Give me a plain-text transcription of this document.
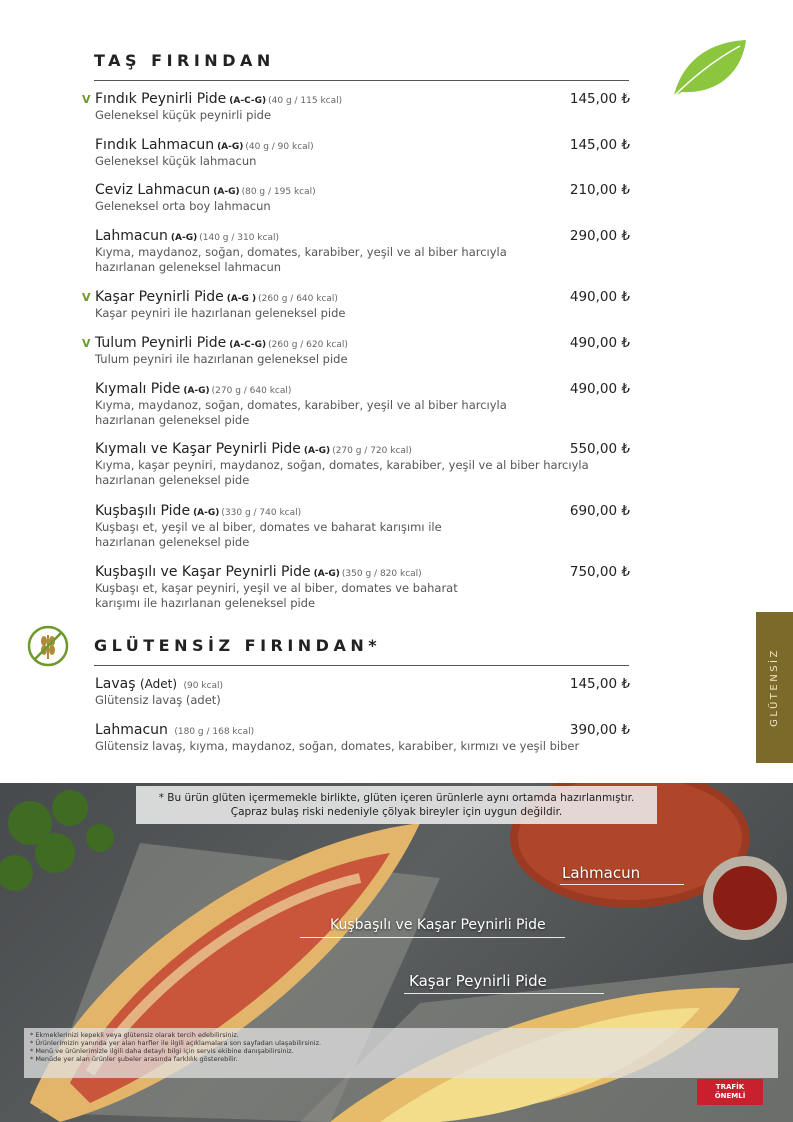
TAŞ FIRINDAN
V Fındık Peynirli Pide (A-C-G) (40 g / 115 kcal)	145,00 ₺
Geleneksel küçük peynirli pide
Fındık Lahmacun (A-G) (40 g / 90 kcal)	145,00 ₺
Geleneksel küçük lahmacun
Ceviz Lahmacun (A-G) (80 g / 195 kcal)	210,00 ₺
Geleneksel orta boy lahmacun
Lahmacun (A-G) (140 g / 310 kcal)	290,00 ₺
Kıyma, maydanoz, soğan, domates, karabiber, yeşil ve al biber harcıyla
hazırlanan geleneksel lahmacun
V Kaşar Peynirli Pide (A-G ) (260 g / 640 kcal)	490,00 ₺
Kaşar peyniri ile hazırlanan geleneksel pide
V Tulum Peynirli Pide (A-C-G) (260 g / 620 kcal)	490,00 ₺
Tulum peyniri ile hazırlanan geleneksel pide
Kıymalı Pide (A-G) (270 g / 640 kcal)	490,00 ₺
Kıyma, maydanoz, soğan, domates, karabiber, yeşil ve al biber harcıyla
hazırlanan geleneksel pide
Kıymalı ve Kaşar Peynirli Pide (A-G) (270 g / 720 kcal)	550,00 ₺
Kıyma, kaşar peyniri, maydanoz, soğan, domates, karabiber, yeşil ve al biber harcıyla
hazırlanan geleneksel pide
Kuşbaşılı Pide (A-G) (330 g / 740 kcal)	690,00 ₺
Kuşbaşı et, yeşil ve al biber, domates ve baharat karışımı ile
hazırlanan geleneksel pide
Kuşbaşılı ve Kaşar Peynirli Pide (A-G) (350 g / 820 kcal)	750,00 ₺
Kuşbaşı et, kaşar peyniri, yeşil ve al biber, domates ve baharat
karışımı ile hazırlanan geleneksel pide
GLÜTENSİZ FIRINDAN*
Lavaş (Adet) (90 kcal)	145,00 ₺
Glütensiz lavaş (adet)
Lahmacun (180 g / 168 kcal)	390,00 ₺
Glütensiz lavaş, kıyma, maydanoz, soğan, domates, karabiber, kırmızı ve yeşil biber
GLÜTENSİZ
* Bu ürün glüten içermemekle birlikte, glüten içeren ürünlerle aynı ortamda hazırlanmıştır.
Çapraz bulaş riski nedeniyle çölyak bireyler için uygun değildir.
Lahmacun
Kuşbaşılı ve Kaşar Peynirli Pide
Kaşar Peynirli Pide
* Ekmeklerinizi kepekli veya glütensiz olarak tercih edebilirsiniz.
* Ürünlerimizin yanında yer alan harfler ile ilgili açıklamalara son sayfadan ulaşabilirsiniz.
* Menü ve ürünlerimizle ilgili daha detaylı bilgi için servis ekibine danışabilirsiniz.
* Menüde yer alan ürünler şubeler arasında farklılık gösterebilir.
TRAFİK
ÖNEMLİ
